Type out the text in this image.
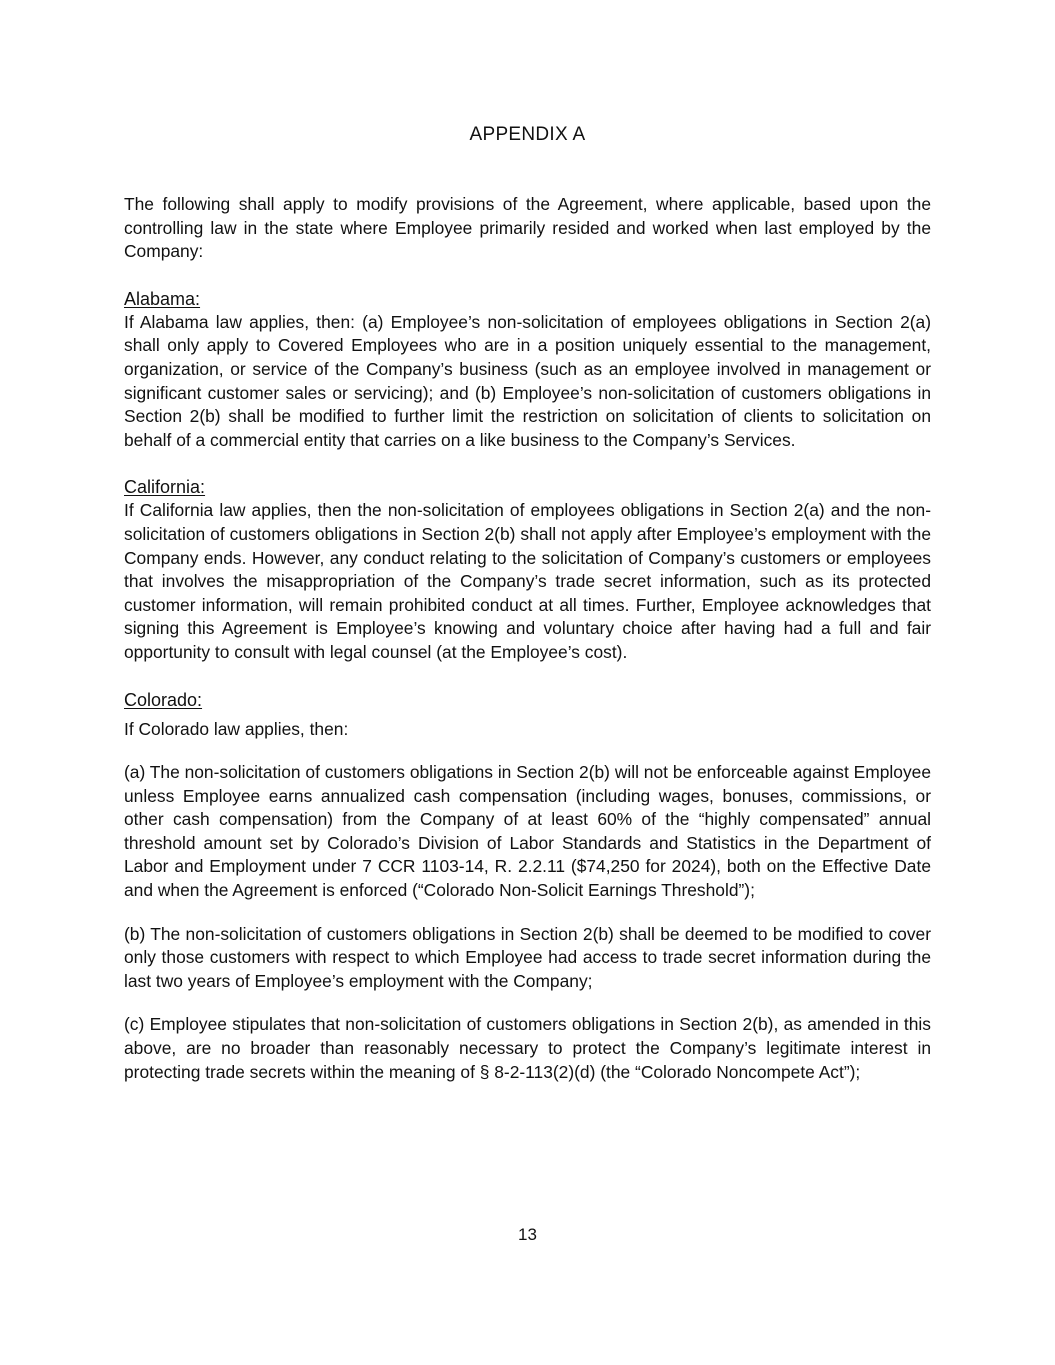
APPENDIX A

The following shall apply to modify provisions of the Agreement, where applicable, based upon the controlling law in the state where Employee primarily resided and worked when last employed by the Company:

Alabama:

If Alabama law applies, then: (a) Employee’s non-solicitation of employees obligations in Section 2(a) shall only apply to Covered Employees who are in a position uniquely essential to the management, organization, or service of the Company’s business (such as an employee involved in management or significant customer sales or servicing); and (b) Employee’s non-solicitation of customers obligations in Section 2(b) shall be modified to further limit the restriction on solicitation of clients to solicitation on behalf of a commercial entity that carries on a like business to the Company’s Services.

California:

If California law applies, then the non-solicitation of employees obligations in Section 2(a) and the non-solicitation of customers obligations in Section 2(b) shall not apply after Employee’s employment with the Company ends. However, any conduct relating to the solicitation of Company’s customers or employees that involves the misappropriation of the Company’s trade secret information, such as its protected customer information, will remain prohibited conduct at all times. Further, Employee acknowledges that signing this Agreement is Employee’s knowing and voluntary choice after having had a full and fair opportunity to consult with legal counsel (at the Employee’s cost).

Colorado:

If Colorado law applies, then:

(a) The non-solicitation of customers obligations in Section 2(b) will not be enforceable against Employee unless Employee earns annualized cash compensation (including wages, bonuses, commissions, or other cash compensation) from the Company of at least 60% of the “highly compensated” annual threshold amount set by Colorado’s Division of Labor Standards and Statistics in the Department of Labor and Employment under 7 CCR 1103-14, R. 2.2.11 ($74,250 for 2024), both on the Effective Date and when the Agreement is enforced (“Colorado Non-Solicit Earnings Threshold”);

(b) The non-solicitation of customers obligations in Section 2(b) shall be deemed to be modified to cover only those customers with respect to which Employee had access to trade secret information during the last two years of Employee’s employment with the Company;

(c) Employee stipulates that non-solicitation of customers obligations in Section 2(b), as amended in this above, are no broader than reasonably necessary to protect the Company’s legitimate interest in protecting trade secrets within the meaning of § 8-2-113(2)(d) (the “Colorado Noncompete Act”);

13
